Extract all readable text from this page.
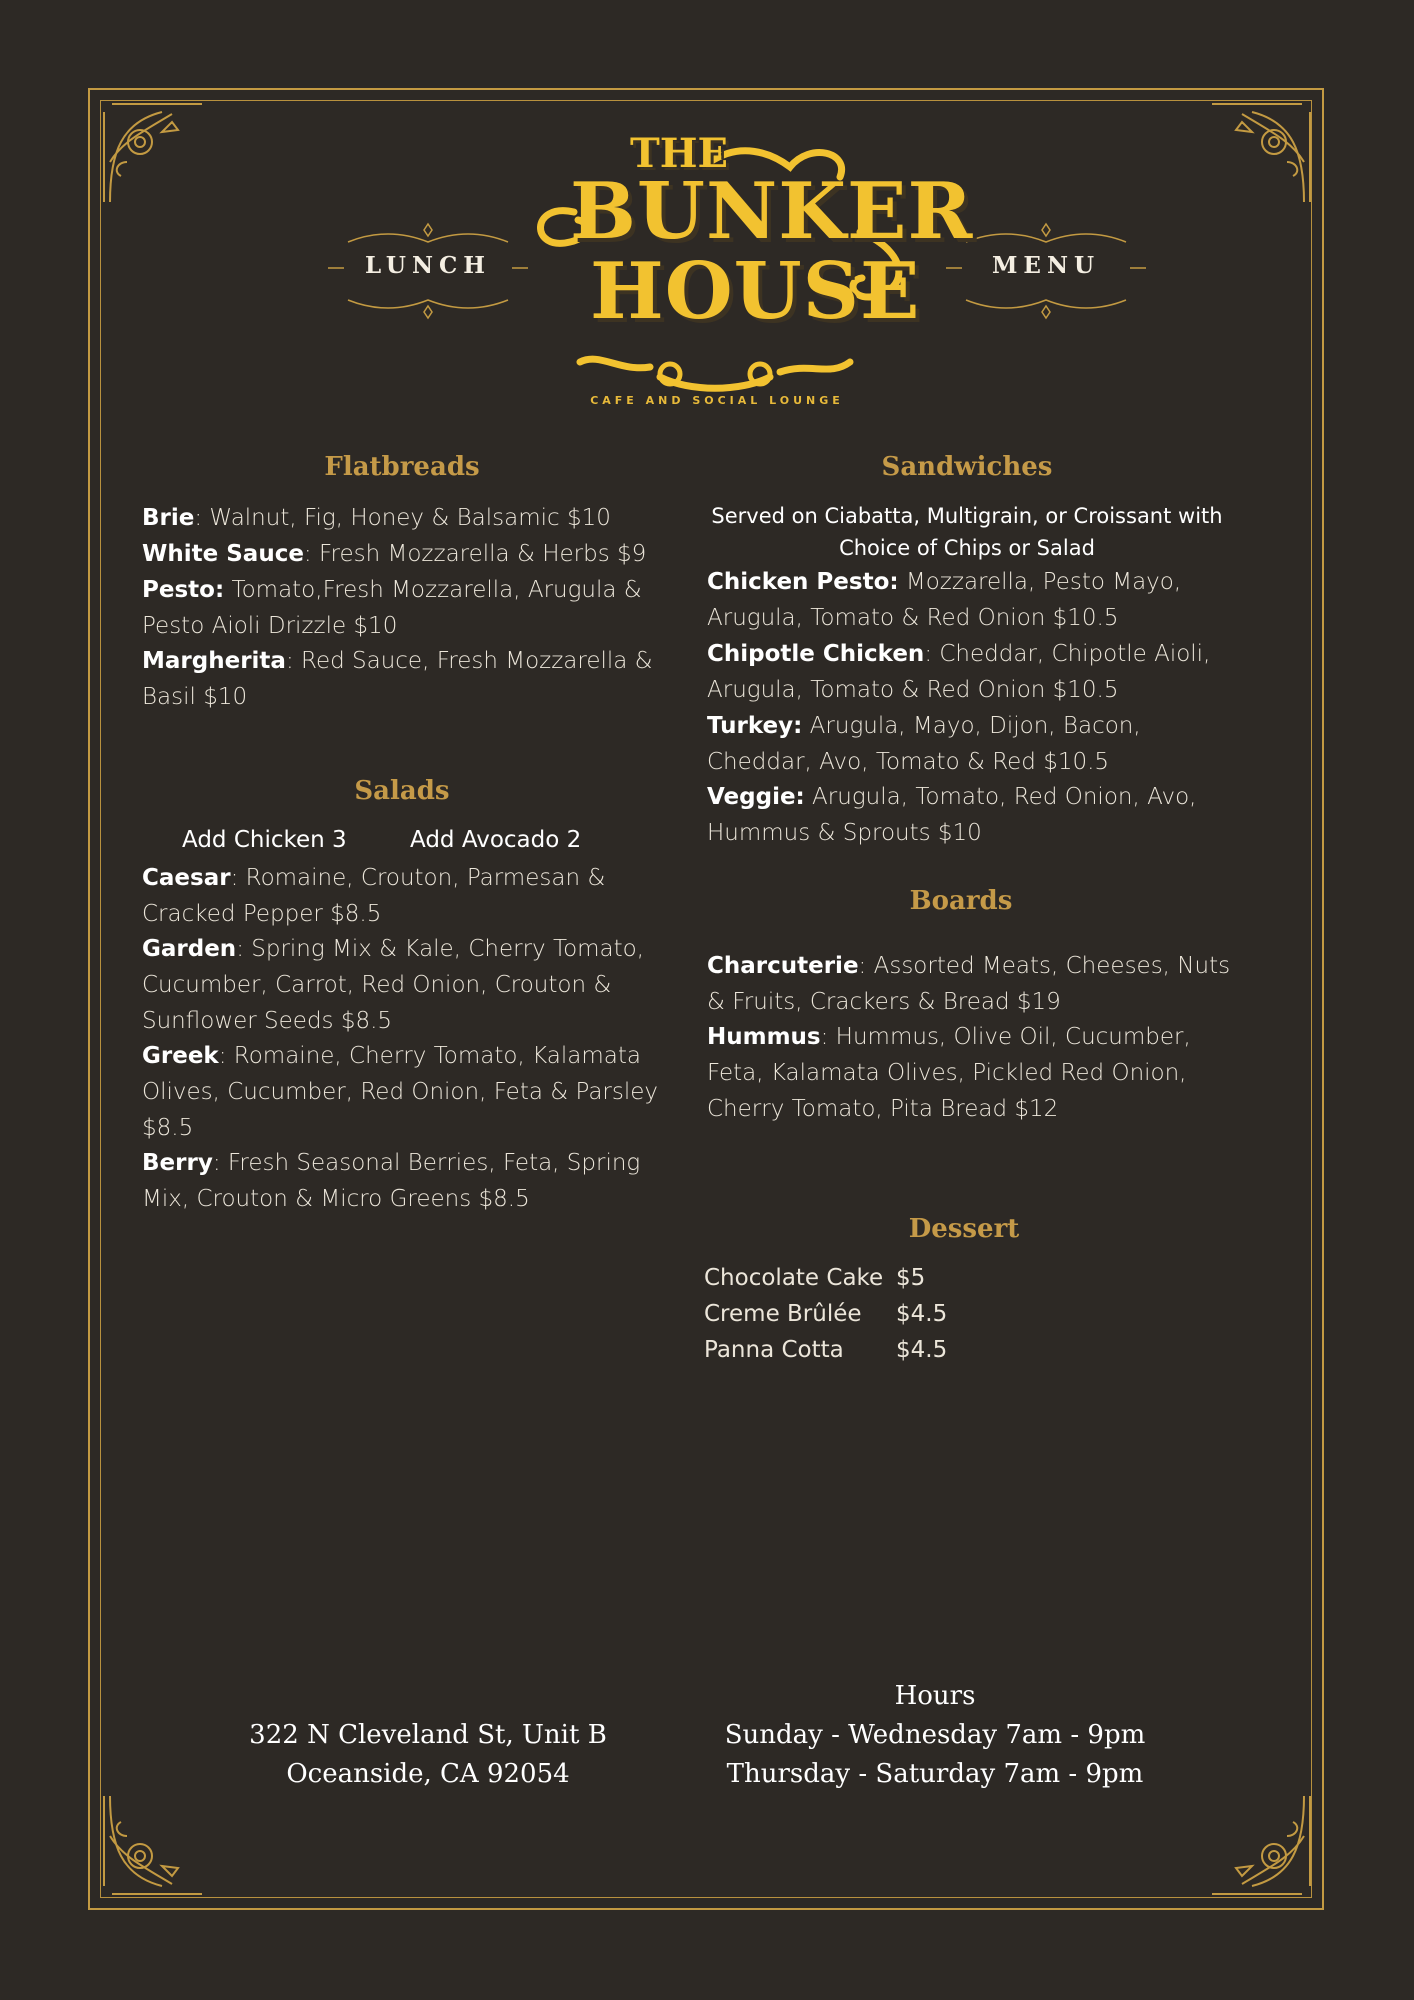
LUNCH	MENU
THE
BUNKER
HOUSE
CAFE AND SOCIAL LOUNGE
Flatbreads
Brie: Walnut, Fig, Honey & Balsamic $10
White Sauce: Fresh Mozzarella & Herbs $9
Pesto: Tomato,Fresh Mozzarella, Arugula & Pesto Aioli Drizzle $10
Margherita: Red Sauce, Fresh Mozzarella & Basil $10
Salads
Add Chicken 3	Add Avocado 2
Caesar: Romaine, Crouton, Parmesan & Cracked Pepper $8.5
Garden: Spring Mix & Kale, Cherry Tomato, Cucumber, Carrot, Red Onion, Crouton & Sunflower Seeds $8.5
Greek: Romaine, Cherry Tomato, Kalamata Olives, Cucumber, Red Onion, Feta & Parsley $8.5
Berry: Fresh Seasonal Berries, Feta, Spring Mix, Crouton & Micro Greens $8.5
Sandwiches
Served on Ciabatta, Multigrain, or Croissant with Choice of Chips or Salad
Chicken Pesto: Mozzarella, Pesto Mayo, Arugula, Tomato & Red Onion $10.5
Chipotle Chicken: Cheddar, Chipotle Aioli, Arugula, Tomato & Red Onion $10.5
Turkey: Arugula, Mayo, Dijon, Bacon, Cheddar, Avo, Tomato & Red $10.5
Veggie: Arugula, Tomato, Red Onion, Avo, Hummus & Sprouts $10
Boards
Charcuterie: Assorted Meats, Cheeses, Nuts & Fruits, Crackers & Bread $19
Hummus: Hummus, Olive Oil, Cucumber, Feta, Kalamata Olives, Pickled Red Onion, Cherry Tomato, Pita Bread $12
Dessert
Chocolate Cake $5
Creme Brûlée $4.5
Panna Cotta $4.5
322 N Cleveland St, Unit B
Oceanside, CA 92054
Hours
Sunday - Wednesday 7am - 9pm
Thursday - Saturday 7am - 9pm
